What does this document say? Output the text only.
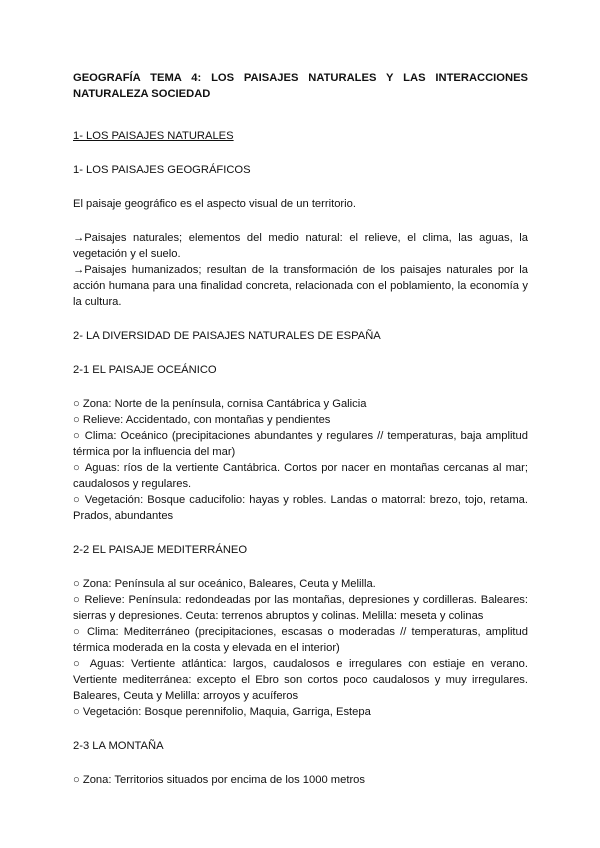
GEOGRAFÍA TEMA 4: LOS PAISAJES NATURALES Y LAS INTERACCIONES NATURALEZA SOCIEDAD
1- LOS PAISAJES NATURALES
1- LOS PAISAJES GEOGRÁFICOS
El paisaje geográfico es el aspecto visual de un territorio.
→ Paisajes naturales; elementos del medio natural: el relieve, el clima, las aguas, la vegetación y el suelo.
→ Paisajes humanizados; resultan de la transformación de los paisajes naturales por la acción humana para una finalidad concreta, relacionada con el poblamiento, la economía y la cultura.
2- LA DIVERSIDAD DE PAISAJES NATURALES DE ESPAÑA
2-1 EL PAISAJE OCEÁNICO
○ Zona: Norte de la península, cornisa Cantábrica y Galicia
○ Relieve: Accidentado, con montañas y pendientes
○ Clima: Oceánico (precipitaciones abundantes y regulares // temperaturas, baja amplitud térmica por la influencia del mar)
○ Aguas: ríos de la vertiente Cantábrica. Cortos por nacer en montañas cercanas al mar; caudalosos y regulares.
○ Vegetación: Bosque caducifolio: hayas y robles. Landas o matorral: brezo, tojo, retama. Prados, abundantes
2-2 EL PAISAJE MEDITERRÁNEO
○ Zona: Península al sur oceánico, Baleares, Ceuta y Melilla.
○ Relieve: Península: redondeadas por las montañas, depresiones y cordilleras. Baleares: sierras y depresiones. Ceuta: terrenos abruptos y colinas. Melilla: meseta y colinas
○ Clima: Mediterráneo (precipitaciones, escasas o moderadas // temperaturas, amplitud térmica moderada en la costa y elevada en el interior)
○ Aguas: Vertiente atlántica: largos, caudalosos e irregulares con estiaje en verano. Vertiente mediterránea: excepto el Ebro son cortos poco caudalosos y muy irregulares. Baleares, Ceuta y Melilla: arroyos y acuíferos
○ Vegetación: Bosque perennifolio, Maquia, Garriga, Estepa
2-3 LA MONTAÑA
○ Zona: Territorios situados por encima de los 1000 metros
